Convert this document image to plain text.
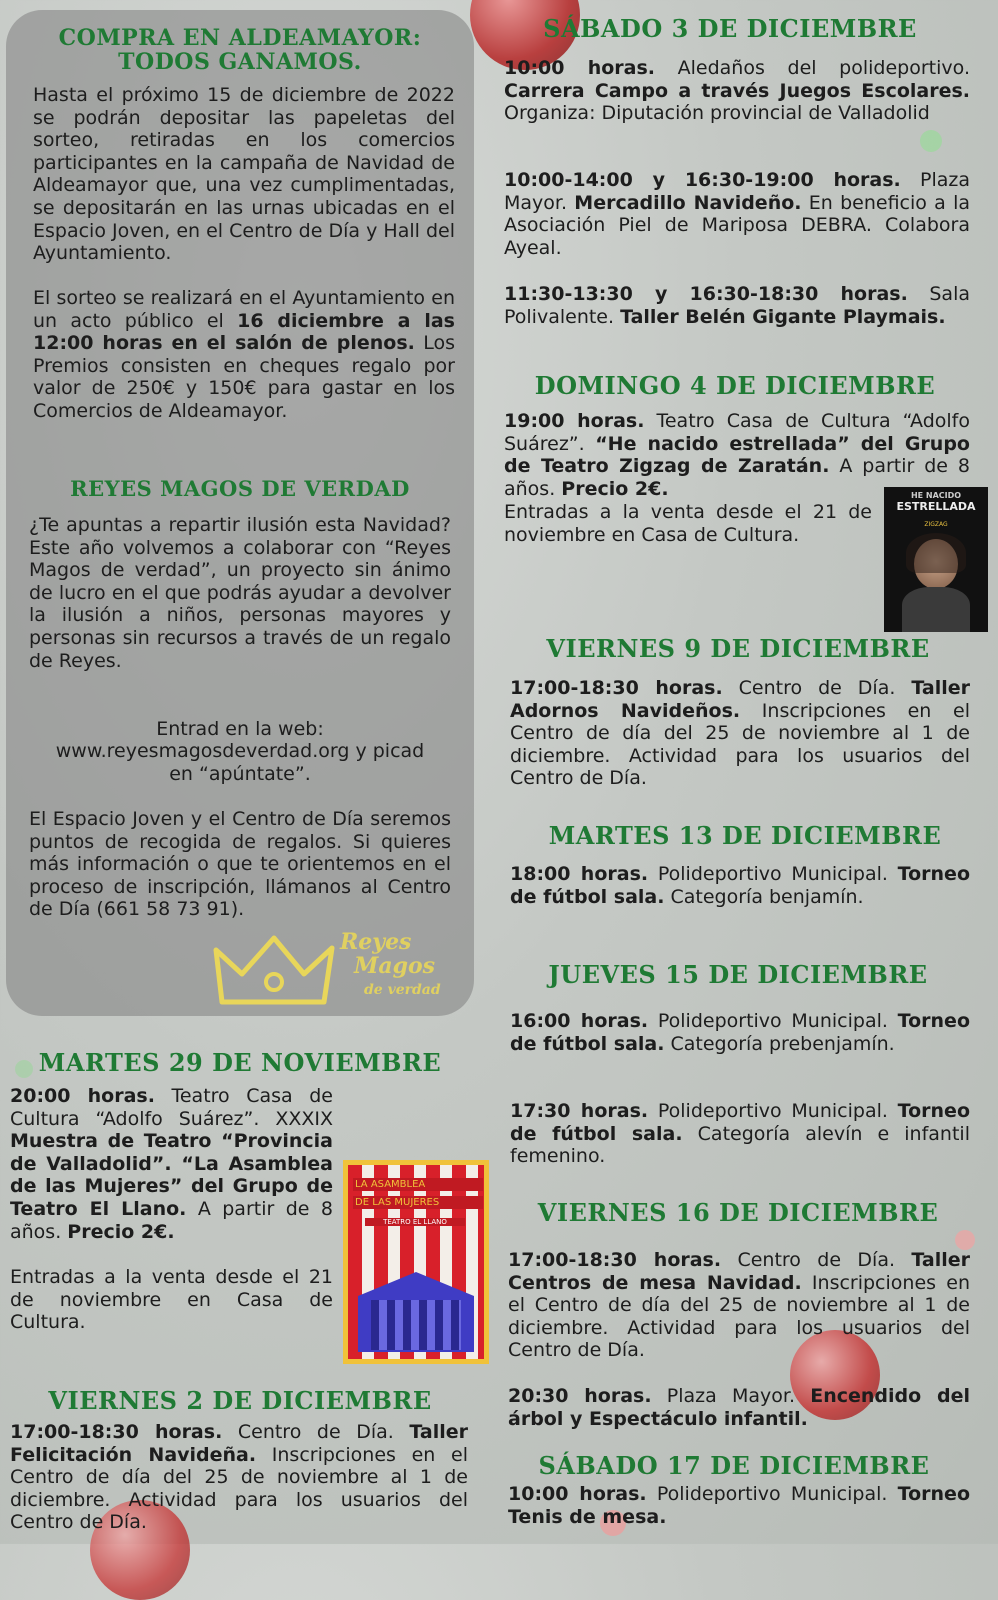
COMPRA EN ALDEAMAYOR: TODOS GANAMOS.

Hasta el próximo 15 de diciembre de 2022 se podrán depositar las papeletas del sorteo, retiradas en los comercios participantes en la campaña de Navidad de Aldeamayor que, una vez cumplimentadas, se depositarán en las urnas ubicadas en el Espacio Joven, en el Centro de Día y Hall del Ayuntamiento.

El sorteo se realizará en el Ayuntamiento en un acto público el 16 diciembre a las 12:00 horas en el salón de plenos. Los Premios consisten en cheques regalo por valor de 250€ y 150€ para gastar en los Comercios de Aldeamayor.

REYES MAGOS DE VERDAD

¿Te apuntas a repartir ilusión esta Navidad? Este año volvemos a colaborar con “Reyes Magos de verdad”, un proyecto sin ánimo de lucro en el que podrás ayudar a devolver la ilusión a niños, personas mayores y personas sin recursos a través de un regalo de Reyes.

Entrad en la web:

www.reyesmagosdeverdad.org y picad

en “apúntate”.

El Espacio Joven y el Centro de Día seremos puntos de recogida de regalos. Si quieres más información o que te orientemos en el proceso de inscripción, llámanos al Centro de Día (661 58 73 91).

Reyes
Magos
de verdad
MARTES 29 DE NOVIEMBRE

20:00 horas. Teatro Casa de Cultura “Adolfo Suárez”. XXXIX Muestra de Teatro “Provincia de Valladolid”. “La Asamblea de las Mujeres” del Grupo de Teatro El Llano. A partir de 8 años. Precio 2€.

Entradas a la venta desde el 21 de noviembre en Casa de Cultura.

LA ASAMBLEA
DE LAS MUJERES
TEATRO EL LLANO
VIERNES 2 DE DICIEMBRE

17:00-18:30 horas. Centro de Día. Taller Felicitación Navideña. Inscripciones en el Centro de día del 25 de noviembre al 1 de diciembre. Actividad para los usuarios del Centro de Día.

SÁBADO 3 DE DICIEMBRE

10:00 horas. Aledaños del polideportivo. Carrera Campo a través Juegos Escolares. Organiza: Diputación provincial de Valladolid

10:00-14:00 y 16:30-19:00 horas. Plaza Mayor. Mercadillo Navideño. En beneficio a la Asociación Piel de Mariposa DEBRA. Colabora Ayeal.

11:30-13:30 y 16:30-18:30 horas. Sala Polivalente. Taller Belén Gigante Playmais.

DOMINGO 4 DE DICIEMBRE

19:00 horas. Teatro Casa de Cultura “Adolfo Suárez”. “He nacido estrellada” del Grupo de Teatro Zigzag de Zaratán. A partir de 8 años. Precio 2€.

Entradas a la venta desde el 21 de noviembre en Casa de Cultura.

HE NACIDO
ESTRELLADA
ZIGZAG
VIERNES 9 DE DICIEMBRE

17:00-18:30 horas. Centro de Día. Taller Adornos Navideños. Inscripciones en el Centro de día del 25 de noviembre al 1 de diciembre. Actividad para los usuarios del Centro de Día.

MARTES 13 DE DICIEMBRE

18:00 horas. Polideportivo Municipal. Torneo de fútbol sala. Categoría benjamín.

JUEVES 15 DE DICIEMBRE

16:00 horas. Polideportivo Municipal. Torneo de fútbol sala. Categoría prebenjamín.

17:30 horas. Polideportivo Municipal. Torneo de fútbol sala. Categoría alevín e infantil femenino.

VIERNES 16 DE DICIEMBRE

17:00-18:30 horas. Centro de Día. Taller Centros de mesa Navidad. Inscripciones en el Centro de día del 25 de noviembre al 1 de diciembre. Actividad para los usuarios del Centro de Día.

20:30 horas. Plaza Mayor. Encendido del árbol y Espectáculo infantil.

SÁBADO 17 DE DICIEMBRE

10:00 horas. Polideportivo Municipal. Torneo Tenis de mesa.
